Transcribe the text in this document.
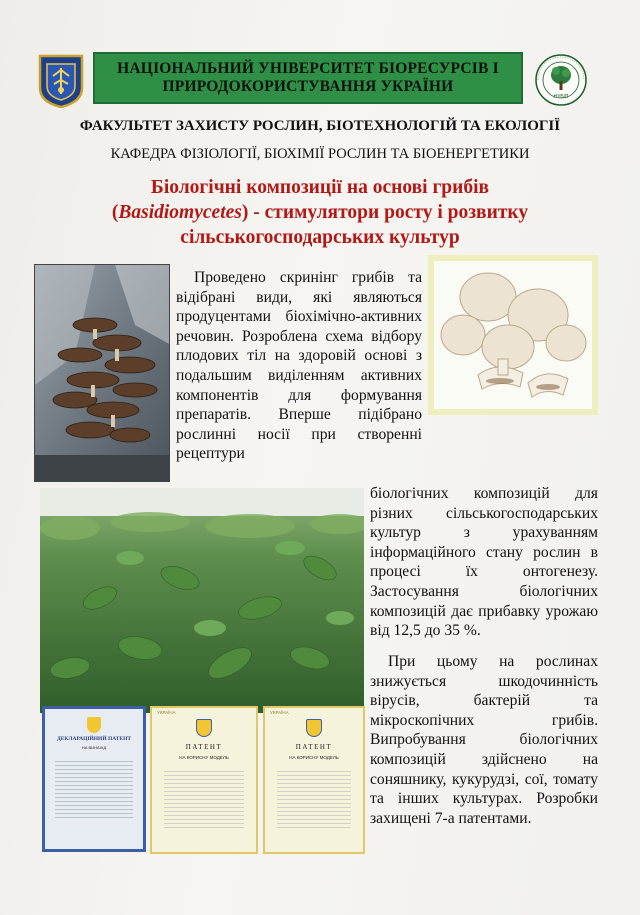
НАЦІОНАЛЬНИЙ УНІВЕРСИТЕТ БІОРЕСУРСІВ І
ПРИРОДОКОРИСТУВАННЯ УКРАЇНИ
НУБіП
ФАКУЛЬТЕТ ЗАХИСТУ РОСЛИН, БІОТЕХНОЛОГІЙ ТА ЕКОЛОГІЇ
КАФЕДРА ФІЗІОЛОГІЇ, БІОХІМІЇ РОСЛИН ТА БІОЕНЕРГЕТИКИ
Біологічні композиції на основі грибів
(Basidiomycetes) - стимулятори росту і розвитку
сільськогосподарських культур
ДЕКЛАРАЦІЙНИЙ ПАТЕНТ
НА ВИНАХІД
УКРАЇНА
ПАТЕНТ
НА КОРИСНУ МОДЕЛЬ
УКРАЇНА
ПАТЕНТ
НА КОРИСНУ МОДЕЛЬ
Проведено скринінг грибів та відібрані види, які являються продуцентами біохімічно-активних речовин. Розроблена схема відбору плодових тіл на здоровій основі з подальшим виділенням активних компонентів для формування препаратів. Вперше підібрано рослинні носії при створенні рецептури
біологічних композицій для різних сільськогосподарських культур з урахуванням інформаційного стану рослин в процесі їх онтогенезу. Застосування біологічних композицій дає прибавку урожаю від 12,5 до 35 %.
При цьому на рослинах знижується шкодочинність вірусів, бактерій та мікроскопічних грибів. Випробування біологічних композицій здійснено на соняшнику, кукурудзі, сої, томату та інших культурах. Розробки захищені 7-а патентами.
